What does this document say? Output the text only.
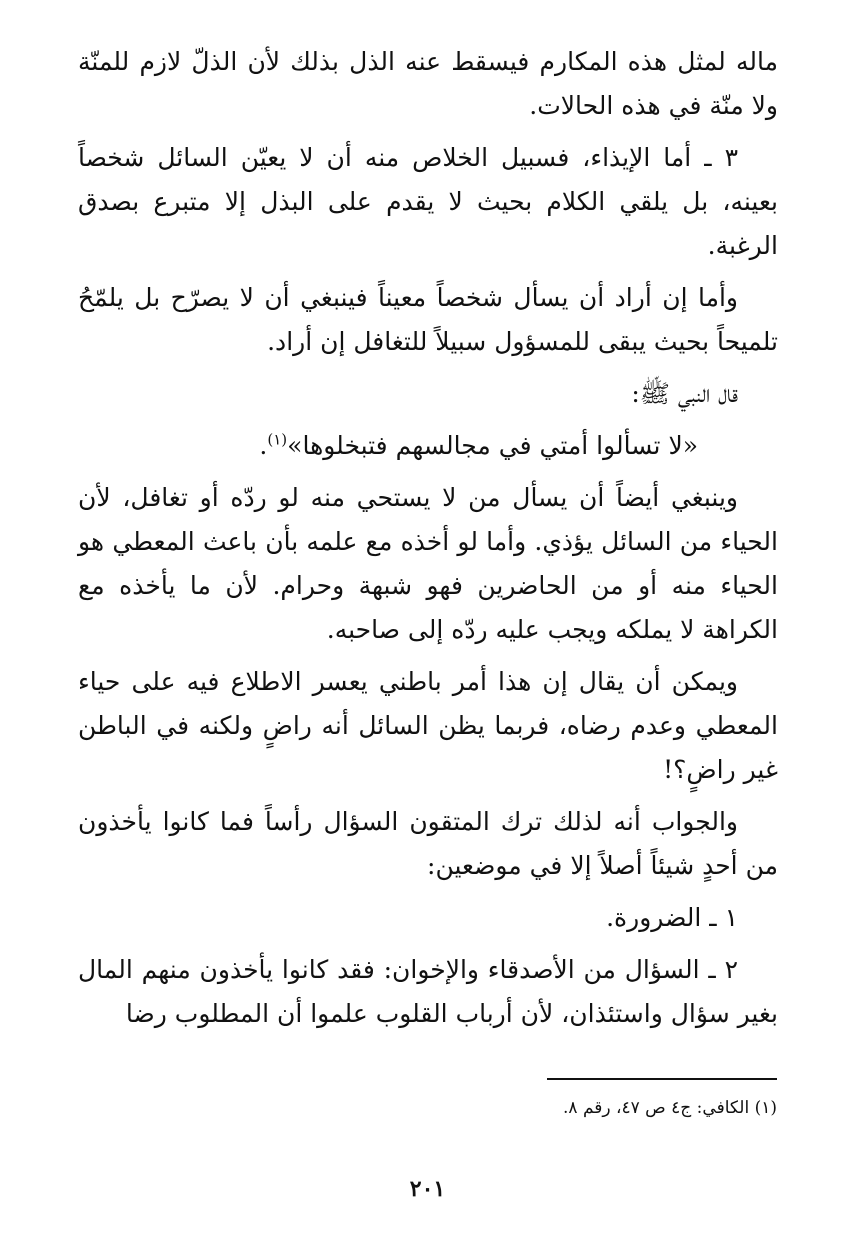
ماله لمثل هذه المكارم فيسقط عنه الذل بذلك لأن الذلّ لازم للمنّة ولا منّة في هذه الحالات.

٣ ـ أما الإيذاء، فسبيل الخلاص منه أن لا يعيّن السائل شخصاً بعينه، بل يلقي الكلام بحيث لا يقدم على البذل إلا متبرع بصدق الرغبة.

وأما إن أراد أن يسأل شخصاً معيناً فينبغي أن لا يصرّح بل يلمّحُ تلميحاً بحيث يبقى للمسؤول سبيلاً للتغافل إن أراد.

قال النبي ﷺ:

«لا تسألوا أمتي في مجالسهم فتبخلوها»$^{(١)}$.

وينبغي أيضاً أن يسأل من لا يستحي منه لو ردّه أو تغافل، لأن الحياء من السائل يؤذي. وأما لو أخذه مع علمه بأن باعث المعطي هو الحياء منه أو من الحاضرين فهو شبهة وحرام. لأن ما يأخذه مع الكراهة لا يملكه ويجب عليه ردّه إلى صاحبه.

ويمكن أن يقال إن هذا أمر باطني يعسر الاطلاع فيه على حياء المعطي وعدم رضاه، فربما يظن السائل أنه راضٍ ولكنه في الباطن غير راضٍ؟!

والجواب أنه لذلك ترك المتقون السؤال رأساً فما كانوا يأخذون من أحدٍ شيئاً أصلاً إلا في موضعين:

١ ـ الضرورة.

٢ ـ السؤال من الأصدقاء والإخوان: فقد كانوا يأخذون منهم المال بغير سؤال واستئذان، لأن أرباب القلوب علموا أن المطلوب رضا

(١) الكافي: ج٤ ص ٤٧، رقم ٨.
٢٠١
